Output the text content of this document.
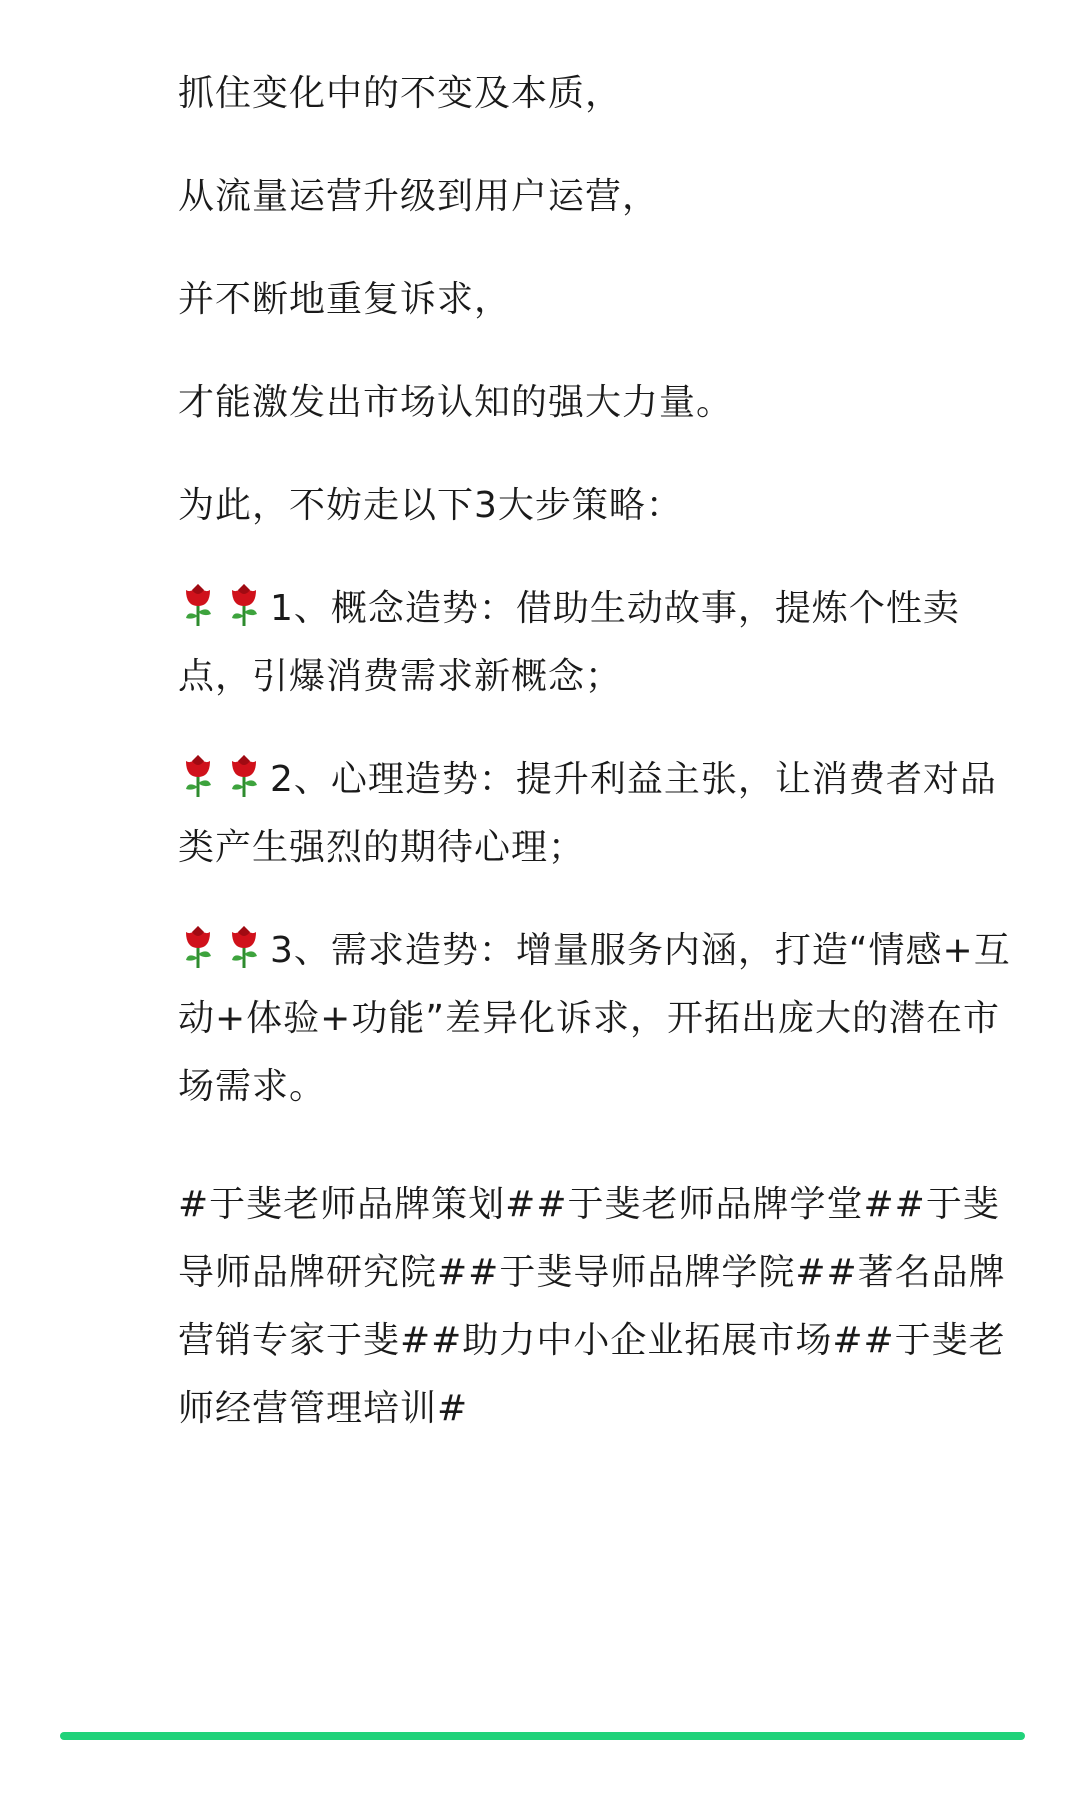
抓住变化中的不变及本质，

从流量运营升级到用户运营，

并不断地重复诉求，

才能激发出市场认知的强大力量。

为此，不妨走以下3大步策略：

1、概念造势：借助生动故事，提炼个性卖点，引爆消费需求新概念；

2、心理造势：提升利益主张，让消费者对品类产生强烈的期待心理；

3、需求造势：增量服务内涵，打造“情感+互动+体验+功能”差异化诉求，开拓出庞大的潜在市场需求。

#于斐老师品牌策划##于斐老师品牌学堂##于斐导师品牌研究院##于斐导师品牌学院##著名品牌营销专家于斐##助力中小企业拓展市场##于斐老师经营管理培训#
